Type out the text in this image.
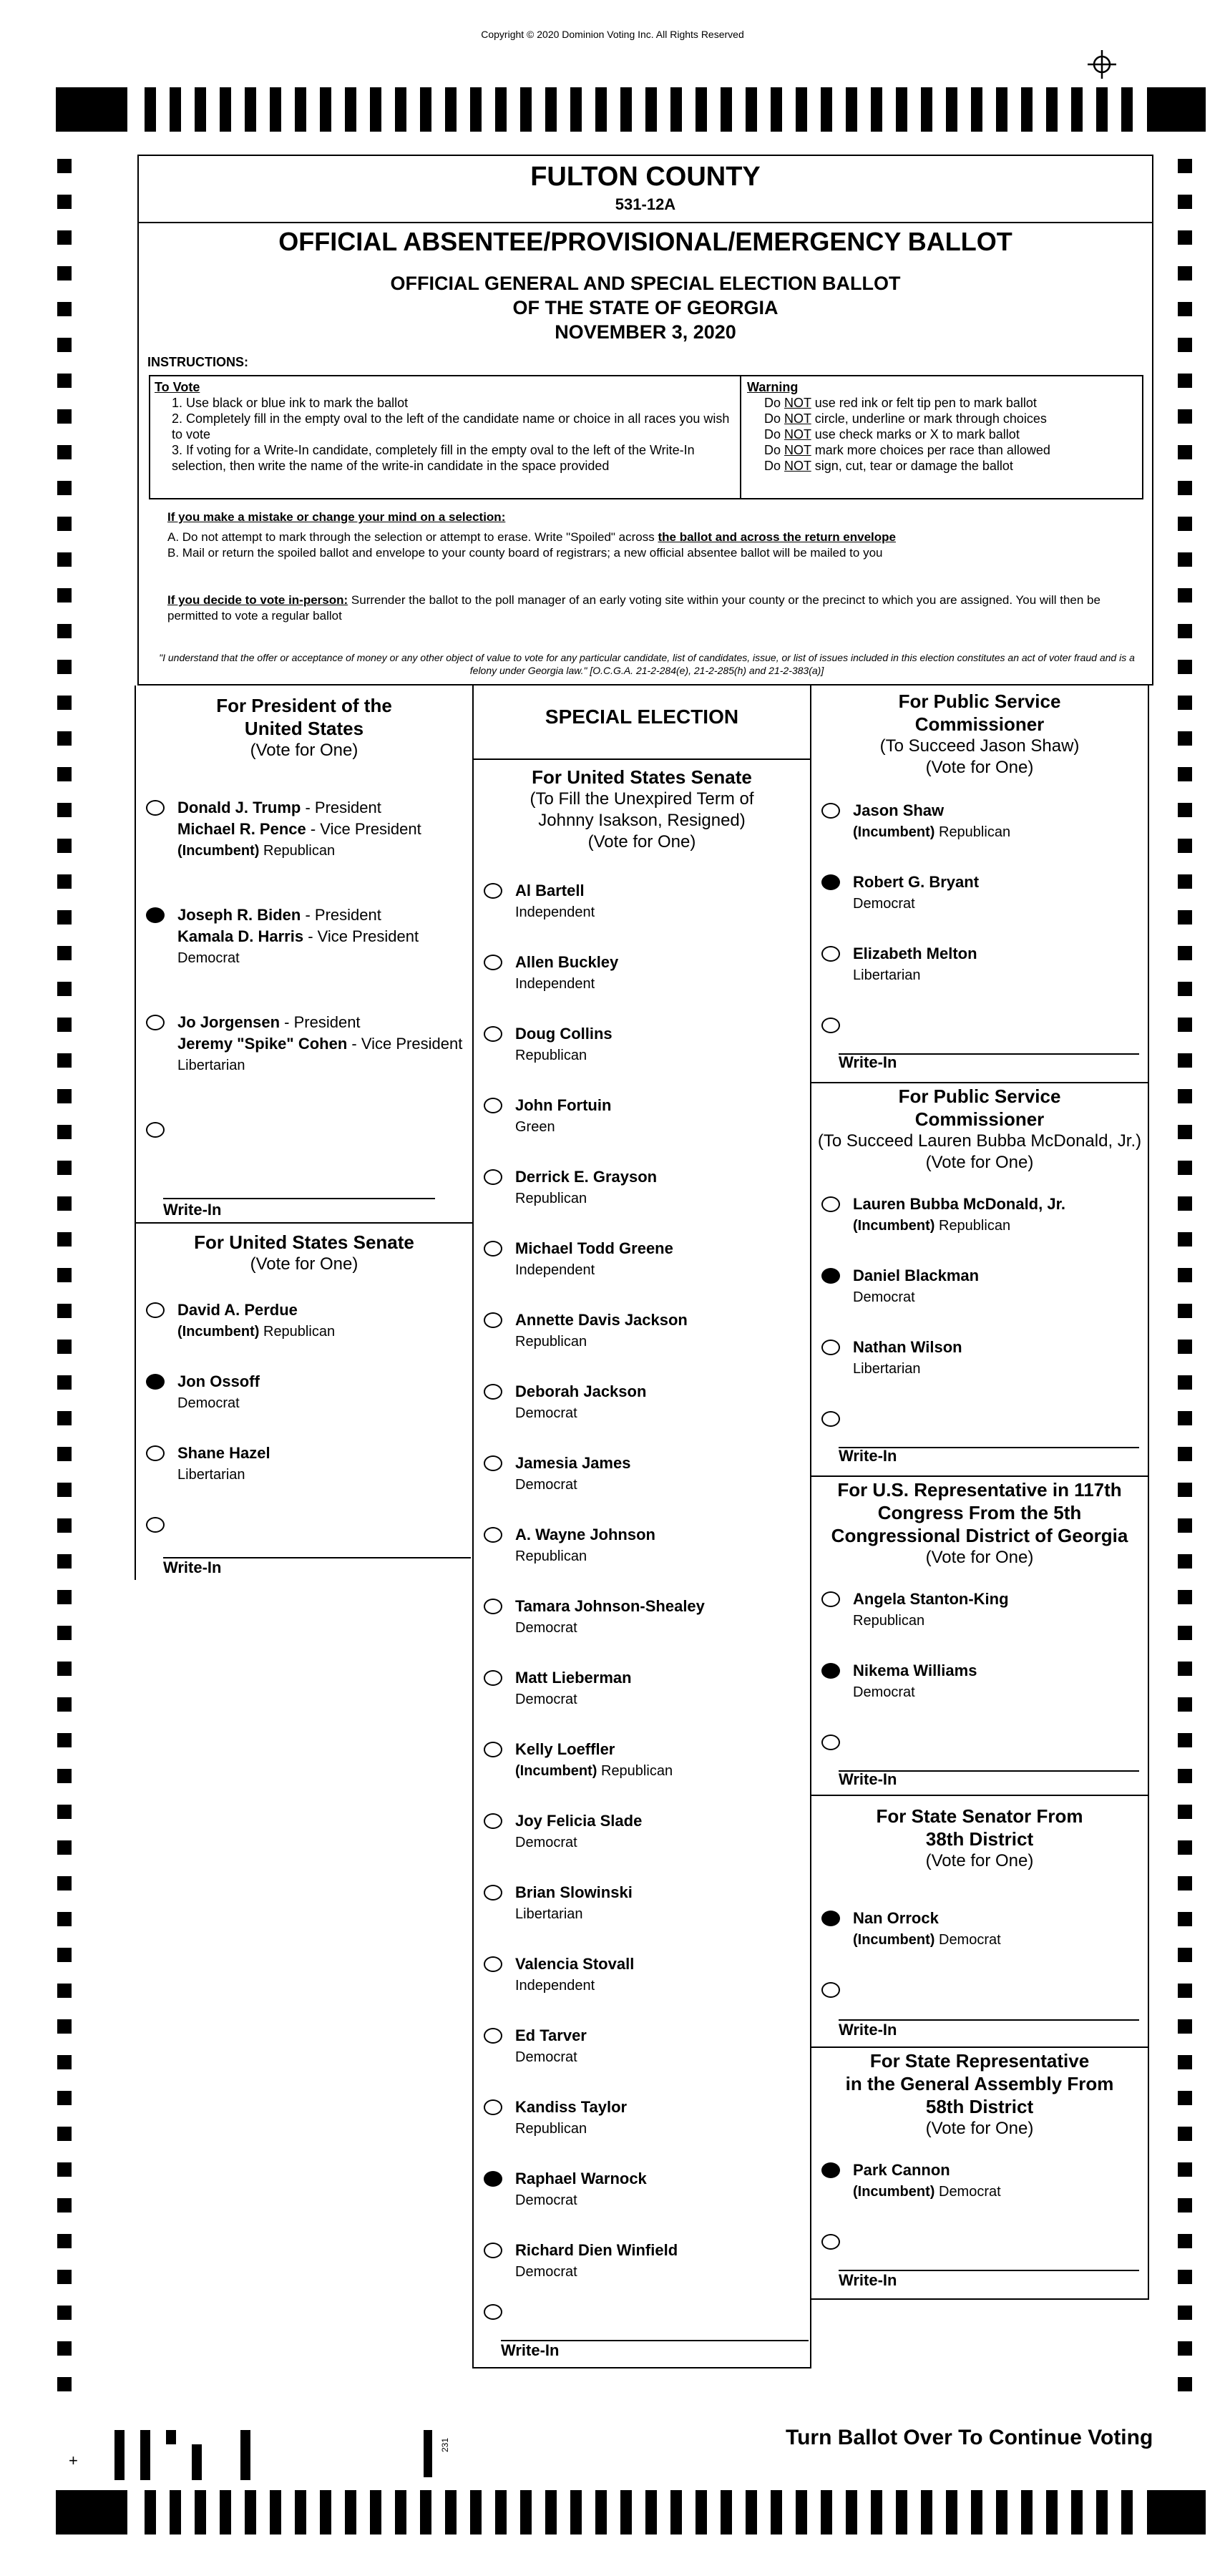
Copyright © 2020 Dominion Voting Inc. All Rights Reserved
FULTON COUNTY
531-12A
OFFICIAL ABSENTEE/PROVISIONAL/EMERGENCY BALLOT
OFFICIAL GENERAL AND SPECIAL ELECTION BALLOT
OF THE STATE OF GEORGIA
NOVEMBER 3, 2020
INSTRUCTIONS:
To Vote
1. Use black or blue ink to mark the ballot
2. Completely fill in the empty oval to the left of the candidate name or choice in all races you wish to vote
3. If voting for a Write-In candidate, completely fill in the empty oval to the left of the Write-In selection, then write the name of the write-in candidate in the space provided
Warning
Do NOT use red ink or felt tip pen to mark ballot
Do NOT circle, underline or mark through choices
Do NOT use check marks or X to mark ballot
Do NOT mark more choices per race than allowed
Do NOT sign, cut, tear or damage the ballot
If you make a mistake or change your mind on a selection:
A. Do not attempt to mark through the selection or attempt to erase. Write "Spoiled" across the ballot and across the return envelope
B. Mail or return the spoiled ballot and envelope to your county board of registrars; a new official absentee ballot will be mailed to you
If you decide to vote in-person: Surrender the ballot to the poll manager of an early voting site within your county or the precinct to which you are assigned. You will then be permitted to vote a regular ballot
"I understand that the offer or acceptance of money or any other object of value to vote for any particular candidate, list of candidates, issue, or list of issues included in this election constitutes an act of voter fraud and is a felony under Georgia law." [O.C.G.A. 21-2-284(e), 21-2-285(h) and 21-2-383(a)]
For President of the United States
(Vote for One)
Donald J. Trump - President
Michael R. Pence - Vice President
(Incumbent) Republican
Joseph R. Biden - President
Kamala D. Harris - Vice President
Democrat
Jo Jorgensen - President
Jeremy "Spike" Cohen - Vice President
Libertarian
Write-In
For United States Senate
(Vote for One)
David A. Perdue
(Incumbent) Republican
Jon Ossoff
Democrat
Shane Hazel
Libertarian
Write-In
SPECIAL ELECTION
For United States Senate
(To Fill the Unexpired Term of
Johnny Isakson, Resigned)
(Vote for One)
Al Bartell
Independent
Allen Buckley
Independent
Doug Collins
Republican
John Fortuin
Green
Derrick E. Grayson
Republican
Michael Todd Greene
Independent
Annette Davis Jackson
Republican
Deborah Jackson
Democrat
Jamesia James
Democrat
A. Wayne Johnson
Republican
Tamara Johnson-Shealey
Democrat
Matt Lieberman
Democrat
Kelly Loeffler
(Incumbent) Republican
Joy Felicia Slade
Democrat
Brian Slowinski
Libertarian
Valencia Stovall
Independent
Ed Tarver
Democrat
Kandiss Taylor
Republican
Raphael Warnock
Democrat
Richard Dien Winfield
Democrat
Write-In
For Public Service
Commissioner
(To Succeed Jason Shaw)
(Vote for One)
Jason Shaw
(Incumbent) Republican
Robert G. Bryant
Democrat
Elizabeth Melton
Libertarian
Write-In
For Public Service
Commissioner
(To Succeed Lauren Bubba McDonald, Jr.)
(Vote for One)
Lauren Bubba McDonald, Jr.
(Incumbent) Republican
Daniel Blackman
Democrat
Nathan Wilson
Libertarian
Write-In
For U.S. Representative in 117th
Congress From the 5th
Congressional District of Georgia
(Vote for One)
Angela Stanton-King
Republican
Nikema Williams
Democrat
Write-In
For State Senator From
38th District
(Vote for One)
Nan Orrock
(Incumbent) Democrat
Write-In
For State Representative
in the General Assembly From
58th District
(Vote for One)
Park Cannon
(Incumbent) Democrat
Write-In
+
231	Turn Ballot Over To Continue Voting
